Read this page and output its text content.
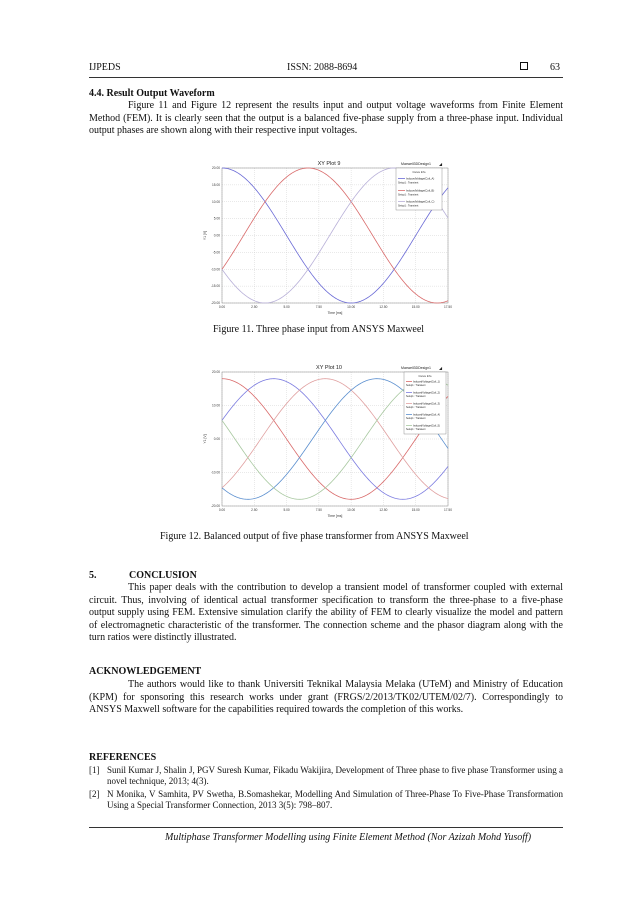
IJPEDS	ISSN: 2088-8694	63
4.4. Result Output Waveform
Figure 11 and Figure 12 represent the results input and output voltage waveforms from Finite Element Method (FEM). It is clearly seen that the output is a balanced five-phase supply from a three-phase input. Individual output phases are shown along with their respective input voltages.
XY Plot 9	Maxwell3DDesign1 ◢
0.00	2.50	5.00	7.50	10.00	12.50	15.00	17.50
-20.00
-15.00
-10.00
-5.00
0.00
5.00
10.00
15.00
20.00
Time [ms]
Y1 [V]
Curve Info
InducedVoltage(Coil_A)
Setup1 : Transient
InducedVoltage(Coil_B)
Setup1 : Transient
InducedVoltage(Coil_C)
Setup1 : Transient
Figure 11. Three phase input from ANSYS Maxweel
XY Plot 10	Maxwell3DDesign1 ◢
0.00	2.50	5.00	7.50	10.00	12.50	15.00	17.50
-20.00
-10.00
0.00
10.00
20.00
Time [ms]
Y1 [V]
Curve Info
InducedVoltage(Coil_1)
Setup1 : Transient
InducedVoltage(Coil_2)
Setup1 : Transient
InducedVoltage(Coil_3)
Setup1 : Transient
InducedVoltage(Coil_4)
Setup1 : Transient
InducedVoltage(Coil_5)
Setup1 : Transient
Figure 12. Balanced output of five phase transformer from ANSYS Maxweel
5.	CONCLUSION
This paper deals with the contribution to develop a transient model of transformer coupled with external circuit. Thus, involving of identical actual transformer specification to transform the three-phase to a five-phase output supply using FEM. Extensive simulation clarify the ability of FEM to clearly visualize the model and pattern of electromagnetic characteristic of the transformer. The connection scheme and the phasor diagram along with the turn ratios were distinctly illustrated.
ACKNOWLEDGEMENT
The authors would like to thank Universiti Teknikal Malaysia Melaka (UTeM) and Ministry of Education (KPM) for sponsoring this research works under grant (FRGS/2/2013/TK02/UTEM/02/7). Correspondingly to ANSYS Maxwell software for the capabilities required towards the completion of this works.
REFERENCES
[1] Sunil Kumar J, Shalin J, PGV Suresh Kumar, Fikadu Wakijira, Development of Three phase to five phase Transformer using a novel technique, 2013; 4(3).
[2] N Monika, V Samhita, PV Swetha, B.Somashekar, Modelling And Simulation of Three-Phase To Five-Phase Transformation Using a Special Transformer Connection, 2013 3(5): 798–807.
Multiphase Transformer Modelling using Finite Element Method (Nor Azizah Mohd Yusoff)
